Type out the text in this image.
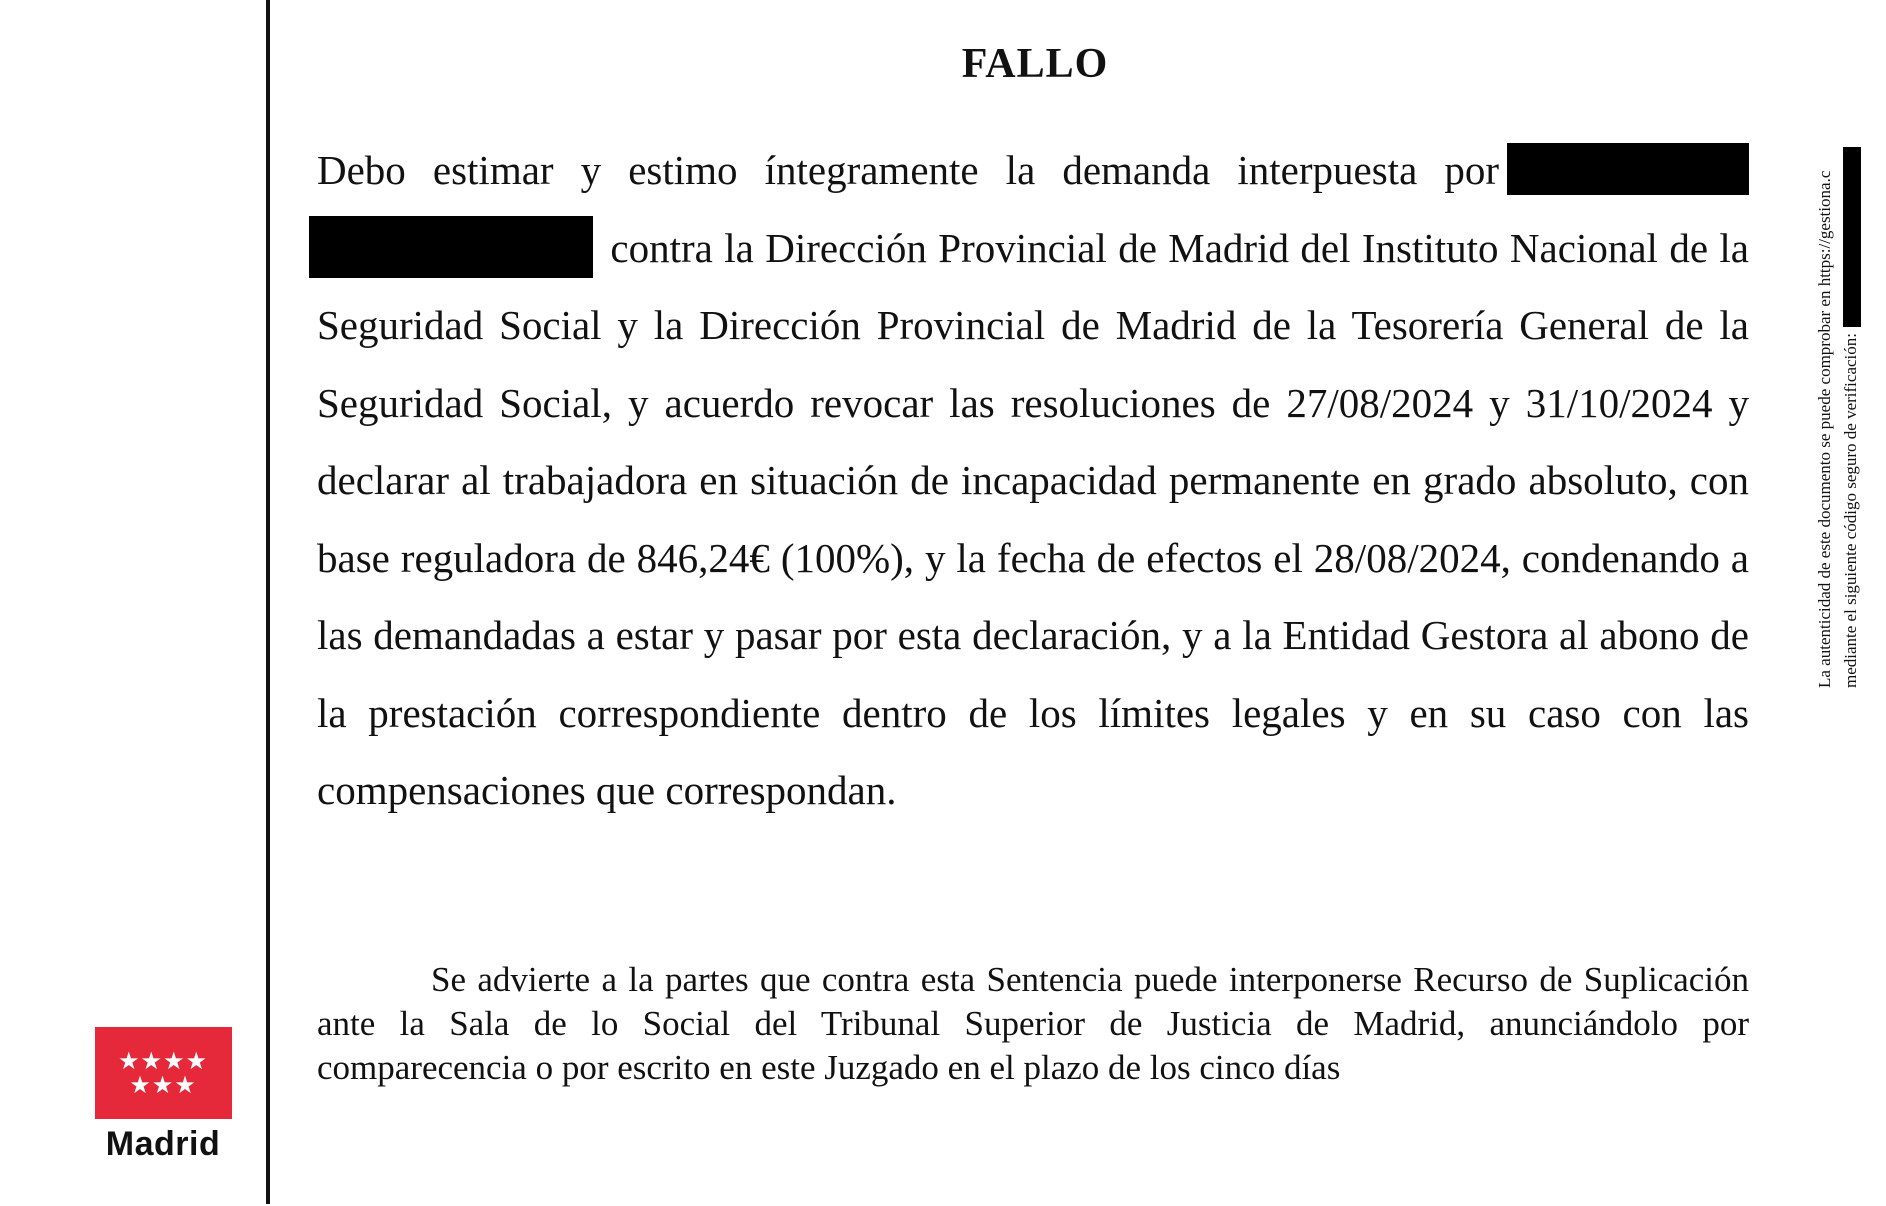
★★★★
★★★
Madrid
FALLO

Debo estimar y estimo íntegramente la demanda interpuesta por  contra la Dirección Provincial de Madrid del Instituto Nacional de la Seguridad Social y la Dirección Provincial de Madrid de la Tesorería General de la Seguridad Social, y acuerdo revocar las resoluciones de 27/08/2024 y 31/10/2024 y declarar al trabajadora en situación de incapacidad permanente en grado absoluto, con base reguladora de 846,24€ (100%), y la fecha de efectos el 28/08/2024, condenando a las demandadas a estar y pasar por esta declaración, y a la Entidad Gestora al abono de la prestación correspondiente dentro de los límites legales y en su caso con las compensaciones que correspondan.

Se advierte a la partes que contra esta Sentencia puede interponerse Recurso de Suplicación ante la Sala de lo Social del Tribunal Superior de Justicia de Madrid, anunciándolo por comparecencia o por escrito en este Juzgado en el plazo de los cinco días

La autenticidad de este documento se puede comprobar en https://gestiona.c
mediante el siguiente código seguro de verificación:
